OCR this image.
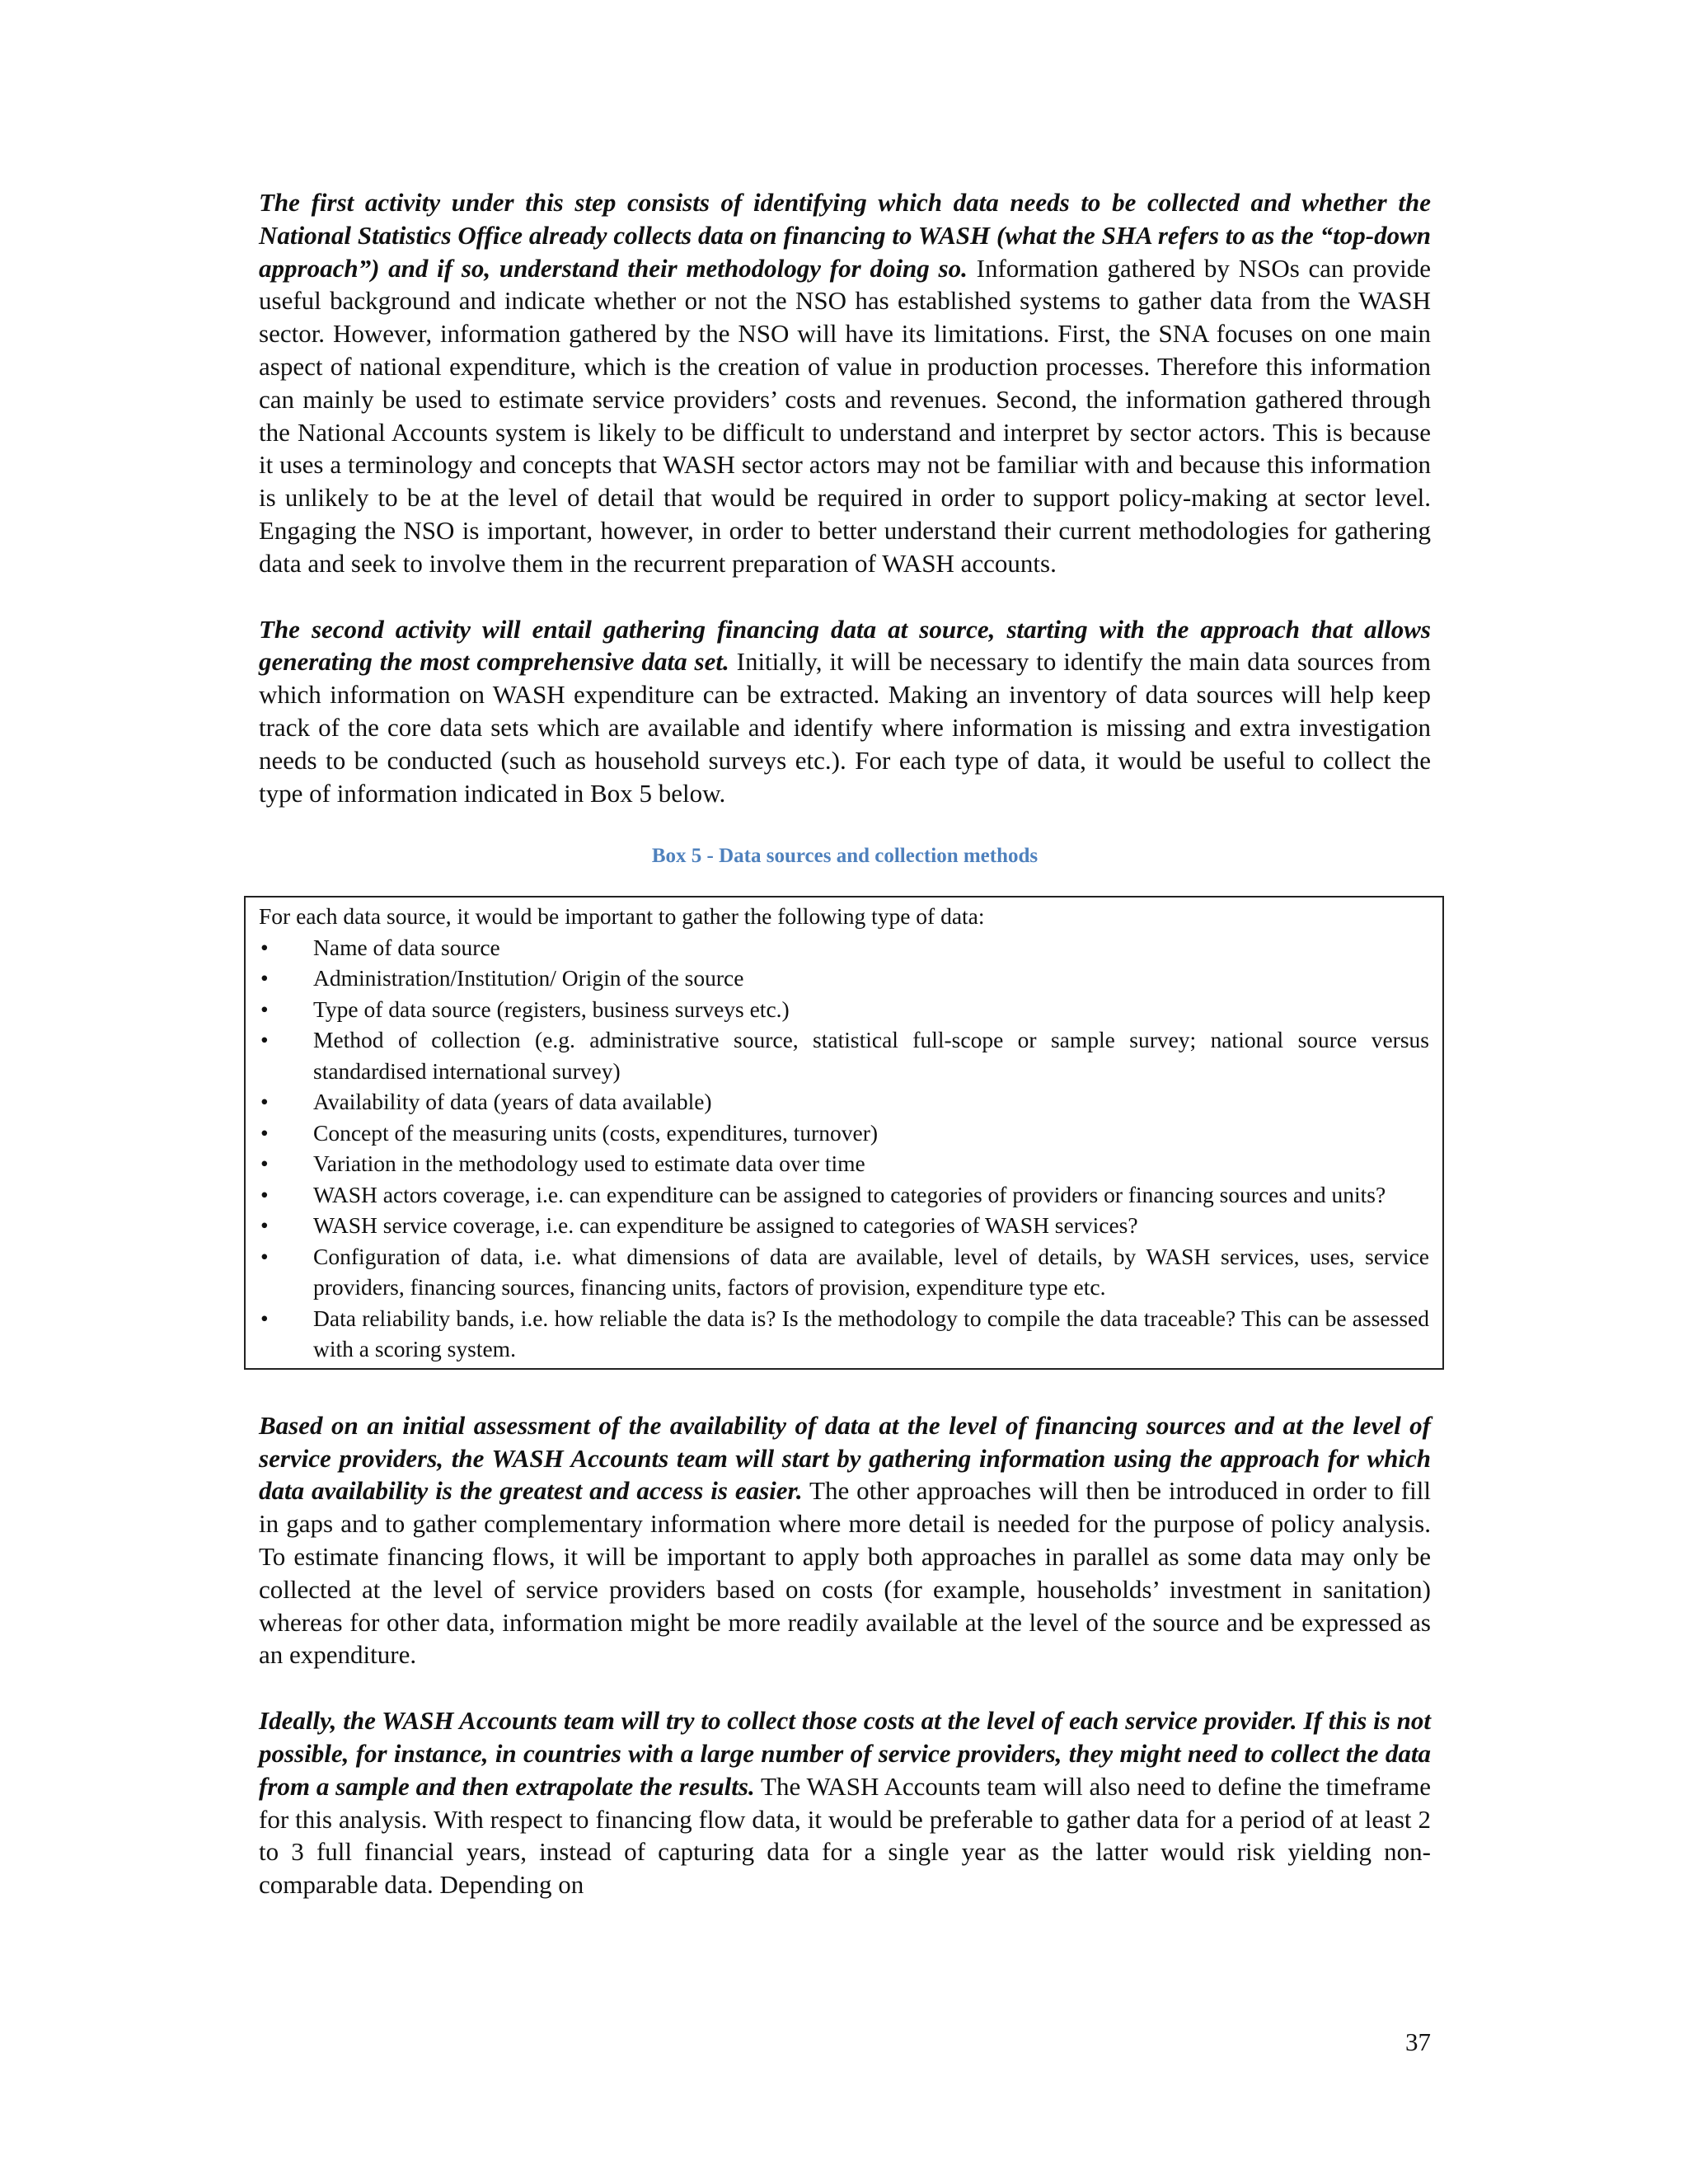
The first activity under this step consists of identifying which data needs to be collected and whether the National Statistics Office already collects data on financing to WASH (what the SHA refers to as the “top-down approach”) and if so, understand their methodology for doing so. Information gathered by NSOs can provide useful background and indicate whether or not the NSO has established systems to gather data from the WASH sector. However, information gathered by the NSO will have its limitations. First, the SNA focuses on one main aspect of national expenditure, which is the creation of value in production processes. Therefore this information can mainly be used to estimate service providers’ costs and revenues. Second, the information gathered through the National Accounts system is likely to be difficult to understand and interpret by sector actors. This is because it uses a terminology and concepts that WASH sector actors may not be familiar with and because this information is unlikely to be at the level of detail that would be required in order to support policy-making at sector level. Engaging the NSO is important, however, in order to better understand their current methodologies for gathering data and seek to involve them in the recurrent preparation of WASH accounts.

The second activity will entail gathering financing data at source, starting with the approach that allows generating the most comprehensive data set. Initially, it will be necessary to identify the main data sources from which information on WASH expenditure can be extracted. Making an inventory of data sources will help keep track of the core data sets which are available and identify where information is missing and extra investigation needs to be conducted (such as household surveys etc.). For each type of data, it would be useful to collect the type of information indicated in Box 5 below.

Box 5 - Data sources and collection methods

For each data source, it would be important to gather the following type of data:

•	Name of data source
•	Administration/Institution/ Origin of the source
•	Type of data source (registers, business surveys etc.)
•	Method of collection (e.g. administrative source, statistical full-scope or sample survey; national source versus standardised international survey)
•	Availability of data (years of data available)
•	Concept of the measuring units (costs, expenditures, turnover)
•	Variation in the methodology used to estimate data over time
•	WASH actors coverage, i.e. can expenditure can be assigned to categories of providers or financing sources and units?
•	WASH service coverage, i.e. can expenditure be assigned to categories of WASH services?
•	Configuration of data, i.e. what dimensions of data are available, level of details, by WASH services, uses, service providers, financing sources, financing units, factors of provision, expenditure type etc.
•	Data reliability bands, i.e. how reliable the data is? Is the methodology to compile the data traceable? This can be assessed with a scoring system.

Based on an initial assessment of the availability of data at the level of financing sources and at the level of service providers, the WASH Accounts team will start by gathering information using the approach for which data availability is the greatest and access is easier. The other approaches will then be introduced in order to fill in gaps and to gather complementary information where more detail is needed for the purpose of policy analysis. To estimate financing flows, it will be important to apply both approaches in parallel as some data may only be collected at the level of service providers based on costs (for example, households’ investment in sanitation) whereas for other data, information might be more readily available at the level of the source and be expressed as an expenditure.

Ideally, the WASH Accounts team will try to collect those costs at the level of each service provider. If this is not possible, for instance, in countries with a large number of service providers, they might need to collect the data from a sample and then extrapolate the results. The WASH Accounts team will also need to define the timeframe for this analysis. With respect to financing flow data, it would be preferable to gather data for a period of at least 2 to 3 full financial years, instead of capturing data for a single year as the latter would risk yielding non-comparable data. Depending on

37
